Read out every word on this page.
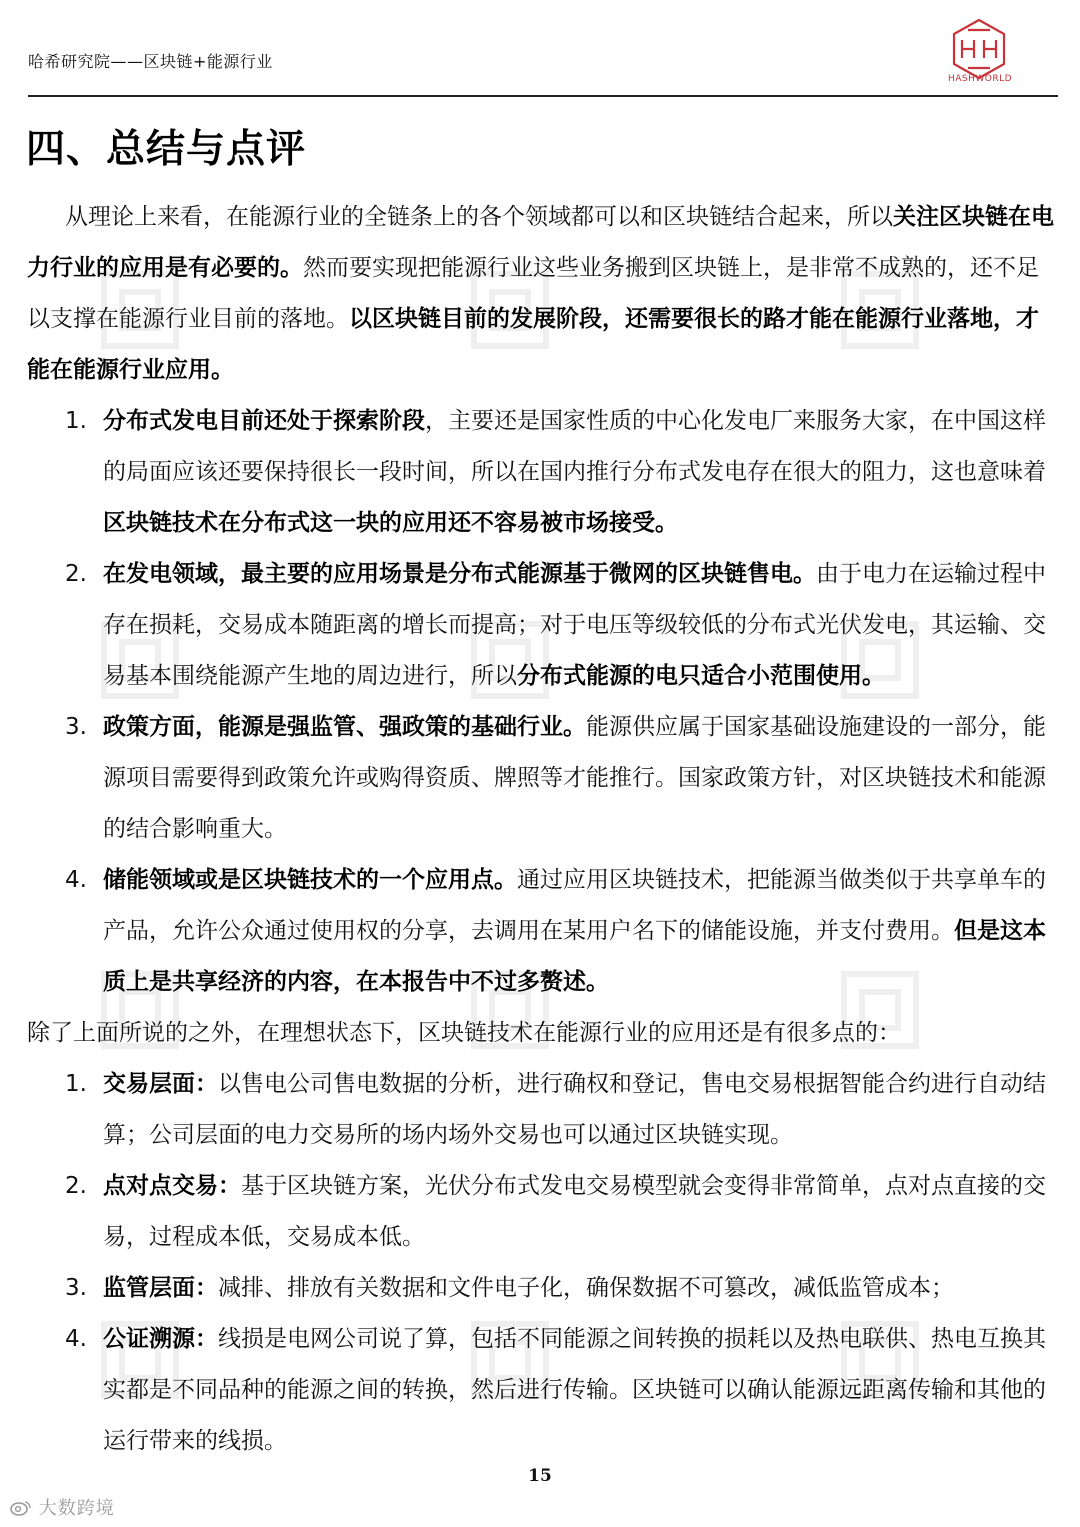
哈希研究院——区块链+能源行业
HASHWORLD
四、总结与点评

从理论上来看，在能源行业的全链条上的各个领域都可以和区块链结合起来，所以关注区块链在电力行业的应用是有必要的。然而要实现把能源行业这些业务搬到区块链上，是非常不成熟的，还不足以支撑在能源行业目前的落地。以区块链目前的发展阶段，还需要很长的路才能在能源行业落地，才能在能源行业应用。

1. 分布式发电目前还处于探索阶段，主要还是国家性质的中心化发电厂来服务大家，在中国这样的局面应该还要保持很长一段时间，所以在国内推行分布式发电存在很大的阻力，这也意味着区块链技术在分布式这一块的应用还不容易被市场接受。
2. 在发电领域，最主要的应用场景是分布式能源基于微网的区块链售电。由于电力在运输过程中存在损耗，交易成本随距离的增长而提高；对于电压等级较低的分布式光伏发电，其运输、交易基本围绕能源产生地的周边进行，所以分布式能源的电只适合小范围使用。
3. 政策方面，能源是强监管、强政策的基础行业。能源供应属于国家基础设施建设的一部分，能源项目需要得到政策允许或购得资质、牌照等才能推行。国家政策方针，对区块链技术和能源的结合影响重大。
4. 储能领域或是区块链技术的一个应用点。通过应用区块链技术，把能源当做类似于共享单车的产品，允许公众通过使用权的分享，去调用在某用户名下的储能设施，并支付费用。但是这本质上是共享经济的内容，在本报告中不过多赘述。

除了上面所说的之外，在理想状态下，区块链技术在能源行业的应用还是有很多点的：

1. 交易层面：以售电公司售电数据的分析，进行确权和登记，售电交易根据智能合约进行自动结算；公司层面的电力交易所的场内场外交易也可以通过区块链实现。
2. 点对点交易：基于区块链方案，光伏分布式发电交易模型就会变得非常简单，点对点直接的交易，过程成本低，交易成本低。
3. 监管层面：减排、排放有关数据和文件电子化，确保数据不可篡改，减低监管成本；
4. 公证溯源：线损是电网公司说了算，包括不同能源之间转换的损耗以及热电联供、热电互换其实都是不同品种的能源之间的转换，然后进行传输。区块链可以确认能源远距离传输和其他的运行带来的线损。
15
大数跨境
